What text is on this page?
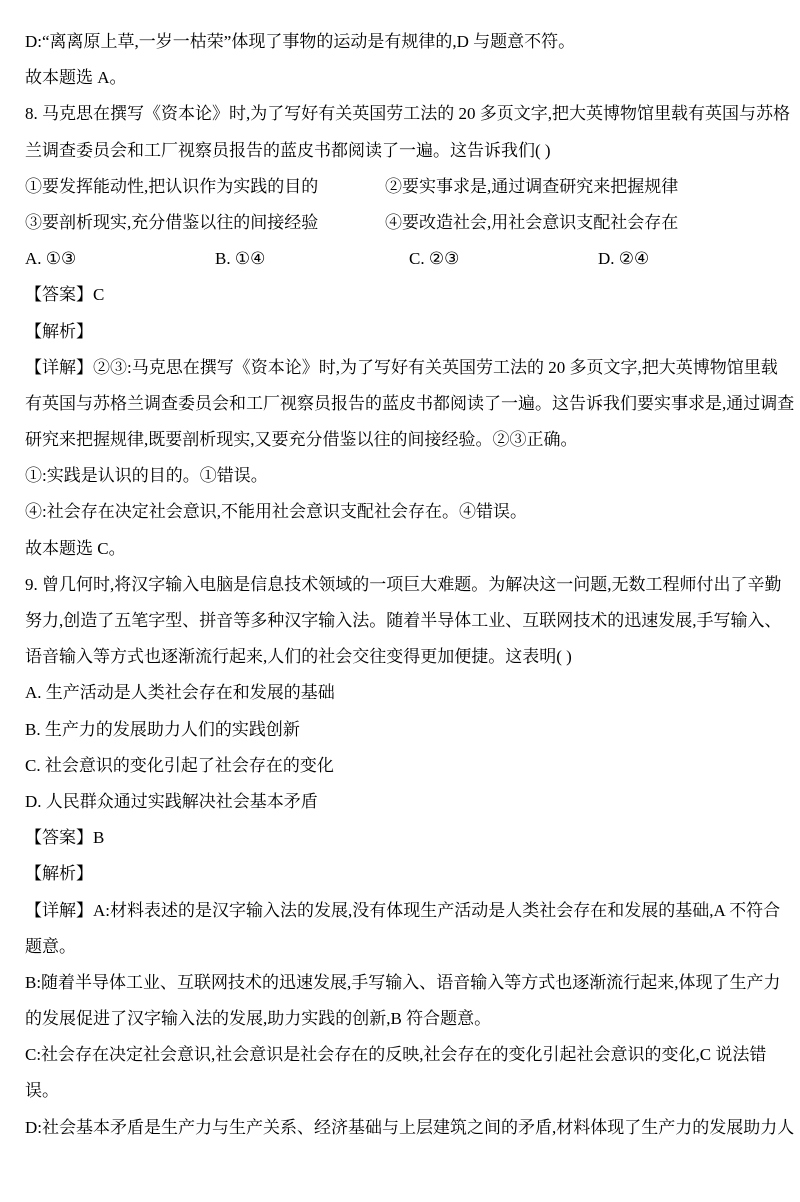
D:“离离原上草,一岁一枯荣”体现了事物的运动是有规律的,D 与题意不符。
故本题选 A。
8. 马克思在撰写《资本论》时,为了写好有关英国劳工法的 20 多页文字,把大英博物馆里载有英国与苏格
兰调查委员会和工厂视察员报告的蓝皮书都阅读了一遍。这告诉我们( )
①要发挥能动性,把认识作为实践的目的	②要实事求是,通过调查研究来把握规律
③要剖析现实,充分借鉴以往的间接经验	④要改造社会,用社会意识支配社会存在
A. ①③	B. ①④	C. ②③	D. ②④
【答案】C
【解析】
【详解】②③:马克思在撰写《资本论》时,为了写好有关英国劳工法的 20 多页文字,把大英博物馆里载
有英国与苏格兰调查委员会和工厂视察员报告的蓝皮书都阅读了一遍。这告诉我们要实事求是,通过调查
研究来把握规律,既要剖析现实,又要充分借鉴以往的间接经验。②③正确。
①:实践是认识的目的。①错误。
④:社会存在决定社会意识,不能用社会意识支配社会存在。④错误。
故本题选 C。
9. 曾几何时,将汉字输入电脑是信息技术领域的一项巨大难题。为解决这一问题,无数工程师付出了辛勤
努力,创造了五笔字型、拼音等多种汉字输入法。随着半导体工业、互联网技术的迅速发展,手写输入、
语音输入等方式也逐渐流行起来,人们的社会交往变得更加便捷。这表明( )
A. 生产活动是人类社会存在和发展的基础
B. 生产力的发展助力人们的实践创新
C. 社会意识的变化引起了社会存在的变化
D. 人民群众通过实践解决社会基本矛盾
【答案】B
【解析】
【详解】A:材料表述的是汉字输入法的发展,没有体现生产活动是人类社会存在和发展的基础,A 不符合
题意。
B:随着半导体工业、互联网技术的迅速发展,手写输入、语音输入等方式也逐渐流行起来,体现了生产力
的发展促进了汉字输入法的发展,助力实践的创新,B 符合题意。
C:社会存在决定社会意识,社会意识是社会存在的反映,社会存在的变化引起社会意识的变化,C 说法错
误。
D:社会基本矛盾是生产力与生产关系、经济基础与上层建筑之间的矛盾,材料体现了生产力的发展助力人
